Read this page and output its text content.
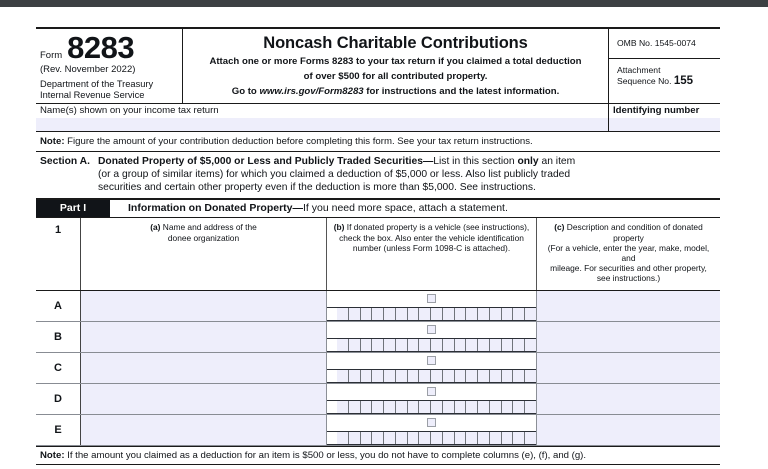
Form 8283
(Rev. November 2022)
Department of the Treasury
Internal Revenue Service
Noncash Charitable Contributions
Attach one or more Forms 8283 to your tax return if you claimed a total deduction
of over $500 for all contributed property.
Go to www.irs.gov/Form8283 for instructions and the latest information.
OMB No. 1545-0074
Attachment
Sequence No. 155
Name(s) shown on your income tax return	Identifying number
Note: Figure the amount of your contribution deduction before completing this form. See your tax return instructions.
Section A. Donated Property of $5,000 or Less and Publicly Traded Securities—List in this section only an item
(or a group of similar items) for which you claimed a deduction of $5,000 or less. Also list publicly traded
securities and certain other property even if the deduction is more than $5,000. See instructions.
Part I	Information on Donated Property—If you need more space, attach a statement.
1	(a) Name and address of the
donee organization
(b) If donated property is a vehicle (see instructions),
check the box. Also enter the vehicle identification
number (unless Form 1098-C is attached).
(c) Description and condition of donated property
(For a vehicle, enter the year, make, model, and
mileage. For securities and other property,
see instructions.)
A
B
C
D
E
Note: If the amount you claimed as a deduction for an item is $500 or less, you do not have to complete columns (e), (f), and (g).
